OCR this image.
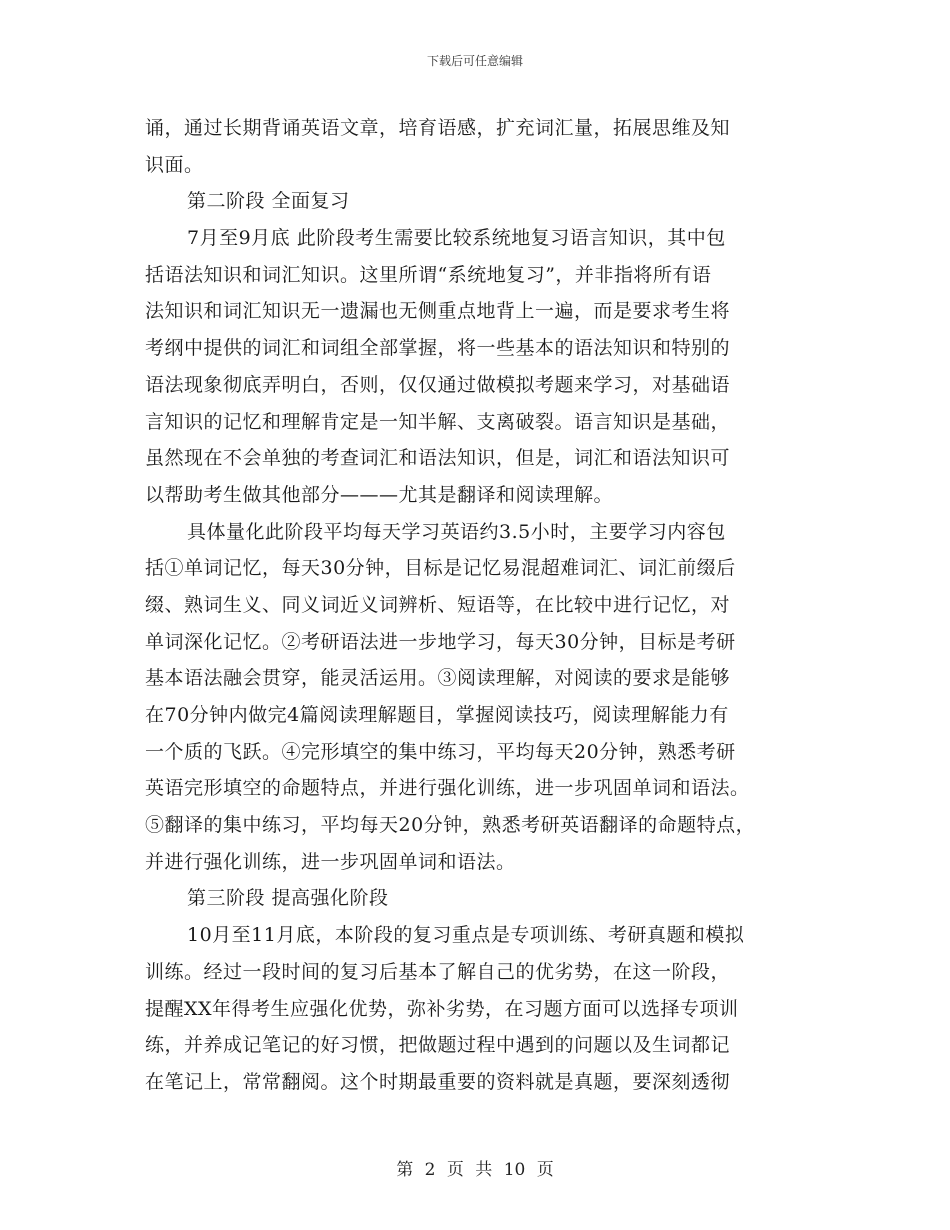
下载后可任意编辑
诵，通过长期背诵英语文章，培育语感，扩充词汇量，拓展思维及知
识面。
第二阶段 全面复习
7月至9月底 此阶段考生需要比较系统地复习语言知识，其中包
括语法知识和词汇知识。这里所谓“系统地复习”，并非指将所有语
法知识和词汇知识无一遗漏也无侧重点地背上一遍，而是要求考生将
考纲中提供的词汇和词组全部掌握，将一些基本的语法知识和特别的
语法现象彻底弄明白，否则，仅仅通过做模拟考题来学习，对基础语
言知识的记忆和理解肯定是一知半解、支离破裂。语言知识是基础，
虽然现在不会单独的考查词汇和语法知识，但是，词汇和语法知识可
以帮助考生做其他部分———尤其是翻译和阅读理解。
具体量化此阶段平均每天学习英语约3.5小时，主要学习内容包
括①单词记忆，每天30分钟，目标是记忆易混超难词汇、词汇前缀后
缀、熟词生义、同义词近义词辨析、短语等，在比较中进行记忆，对
单词深化记忆。②考研语法进一步地学习，每天30分钟，目标是考研
基本语法融会贯穿，能灵活运用。③阅读理解，对阅读的要求是能够
在70分钟内做完4篇阅读理解题目，掌握阅读技巧，阅读理解能力有
一个质的飞跃。④完形填空的集中练习，平均每天20分钟，熟悉考研
英语完形填空的命题特点，并进行强化训练，进一步巩固单词和语法。
⑤翻译的集中练习，平均每天20分钟，熟悉考研英语翻译的命题特点，
并进行强化训练，进一步巩固单词和语法。
第三阶段 提高强化阶段
10月至11月底，本阶段的复习重点是专项训练、考研真题和模拟
训练。经过一段时间的复习后基本了解自己的优劣势，在这一阶段，
提醒XX年得考生应强化优势，弥补劣势，在习题方面可以选择专项训
练，并养成记笔记的好习惯，把做题过程中遇到的问题以及生词都记
在笔记上，常常翻阅。这个时期最重要的资料就是真题，要深刻透彻
第 2 页 共 10 页
